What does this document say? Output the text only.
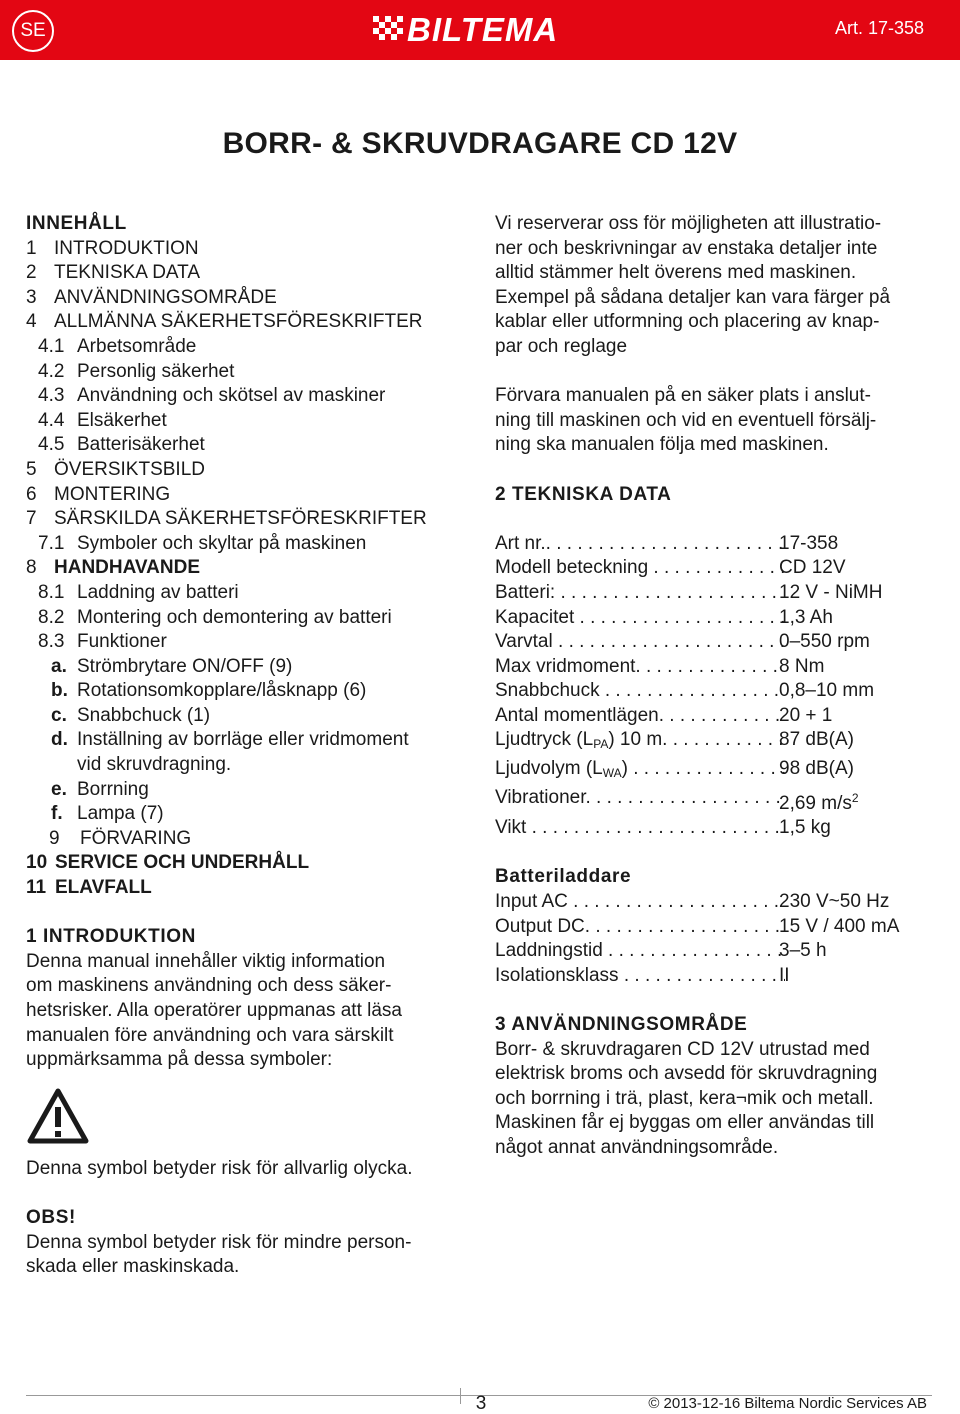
SE	BILTEMA	Art. 17-358
BORR- & SKRUVDRAGARE CD 12V
INNEHÅLL
1 INTRODUKTION
2 TEKNISKA DATA
3 ANVÄNDNINGSOMRÅDE
4 ALLMÄNNA SÄKERHETSFÖRESKRIFTER
4.1 Arbetsområde
4.2 Personlig säkerhet
4.3 Användning och skötsel av maskiner
4.4 Elsäkerhet
4.5 Batterisäkerhet
5 ÖVERSIKTSBILD
6 MONTERING
7 SÄRSKILDA SÄKERHETSFÖRESKRIFTER
7.1 Symboler och skyltar på maskinen
8 HANDHAVANDE
8.1 Laddning av batteri
8.2 Montering och demontering av batteri
8.3 Funktioner
a. Strömbrytare ON/OFF (9)
b. Rotationsomkopplare/låsknapp (6)
c. Snabbchuck (1)
d. Inställning av borrläge eller vridmoment
vid skruvdragning.
e. Borrning
f. Lampa (7)
9	FÖRVARING
10 SERVICE OCH UNDERHÅLL
11 ELAVFALL
1 INTRODUKTION

Denna manual innehåller viktig information

om maskinens användning och dess säker-

hetsrisker. Alla operatörer uppmanas att läsa

manualen före användning och vara särskilt

uppmärksamma på dessa symboler:

Denna symbol betyder risk för allvarlig olycka.

OBS!

Denna symbol betyder risk för mindre person-

skada eller maskinskada.

Vi reserverar oss för möjligheten att illustratio-

ner och beskrivningar av enstaka detaljer inte

alltid stämmer helt överens med maskinen.

Exempel på sådana detaljer kan vara färger på

kablar eller utformning och placering av knap-

par och reglage

Förvara manualen på en säker plats i anslut-

ning till maskinen och vid en eventuell försälj-

ning ska manualen följa med maskinen.

2 TEKNISKA DATA
Art nr.. . . .	17-358
Modell beteckning . . .	CD 12V
Batteri: . . .	12 V - NiMH
Kapacitet . . .	1,3 Ah
Varvtal . . .	0–550 rpm
Max vridmoment. . . .	8 Nm
Snabbchuck . . .	0,8–10 mm
Antal momentlägen. . . .	20 + 1
Ljudtryck $(L_{PA})$ 10 m. . . .	87 dB(A)
Ljudvolym $(L_{WA})$ . . .	98 dB(A)
Vibrationer. . . .	2,69 $m/s^2$
Vikt . . .	1,5 kg
Batteriladdare
Input AC . . .	230 V~50 Hz
Output DC. . . .	15 V / 400 mA
Laddningstid . . .	3–5 h
Isolationsklass . . .	II
3 ANVÄNDNINGSOMRÅDE

Borr- & skruvdragaren CD 12V utrustad med

elektrisk broms och avsedd för skruvdragning

och borrning i trä, plast, kera¬mik och metall.

Maskinen får ej byggas om eller användas till

något annat användningsområde.

3	© 2013-12-16 Biltema Nordic Services AB
